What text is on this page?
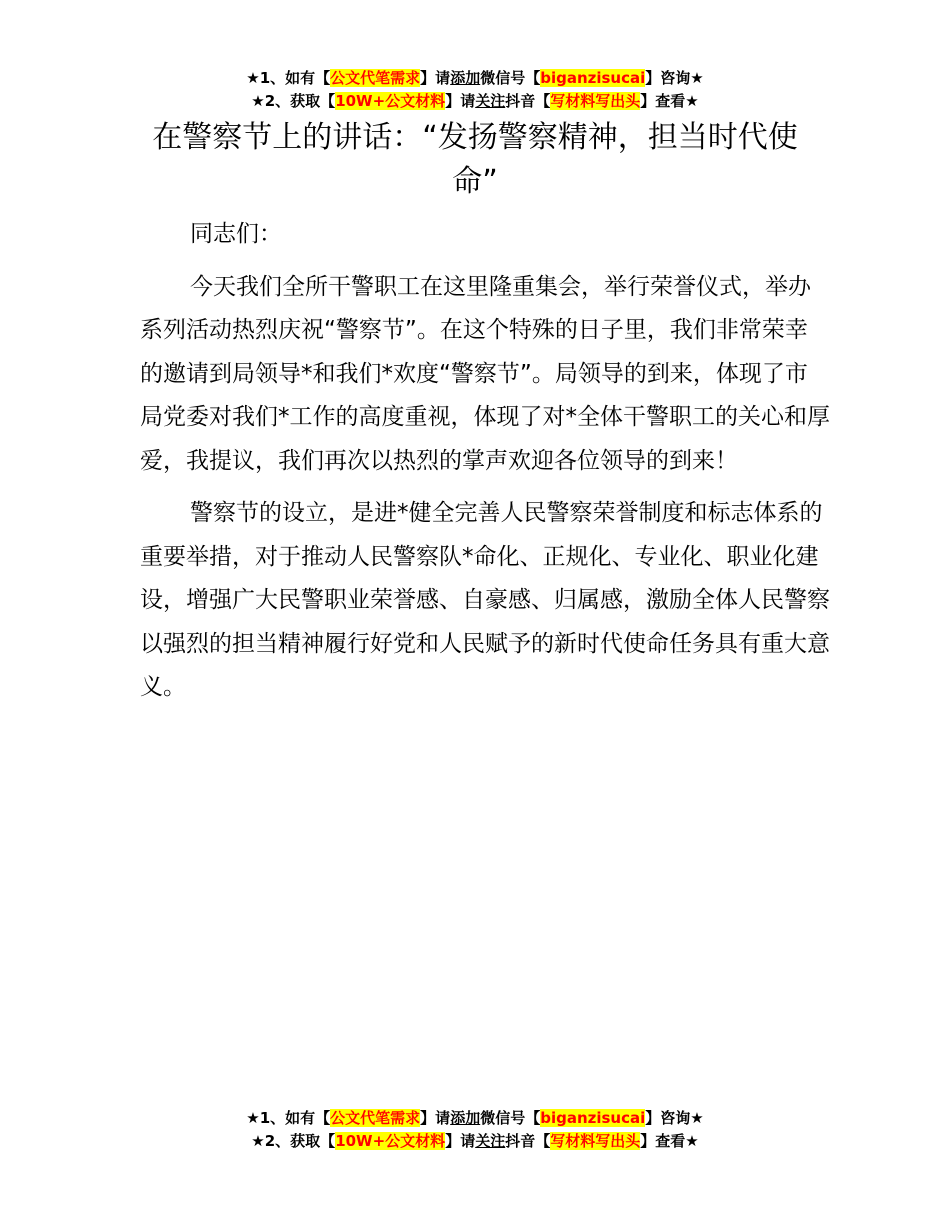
★1、如有【公文代笔需求】请添加微信号【biganzisucai】咨询★
★2、获取【10W+公文材料】请关注抖音【写材料写出头】查看★
在警察节上的讲话：“发扬警察精神，担当时代使命”

同志们：

今天我们全所干警职工在这里隆重集会，举行荣誉仪式，举办系列活动热烈庆祝“警察节”。在这个特殊的日子里，我们非常荣幸的邀请到局领导*和我们*欢度“警察节”。局领导的到来，体现了市局党委对我们*工作的高度重视，体现了对*全体干警职工的关心和厚爱，我提议，我们再次以热烈的掌声欢迎各位领导的到来！

警察节的设立，是进*健全完善人民警察荣誉制度和标志体系的重要举措，对于推动人民警察队*命化、正规化、专业化、职业化建设，增强广大民警职业荣誉感、自豪感、归属感，激励全体人民警察以强烈的担当精神履行好党和人民赋予的新时代使命任务具有重大意义。

★1、如有【公文代笔需求】请添加微信号【biganzisucai】咨询★
★2、获取【10W+公文材料】请关注抖音【写材料写出头】查看★
